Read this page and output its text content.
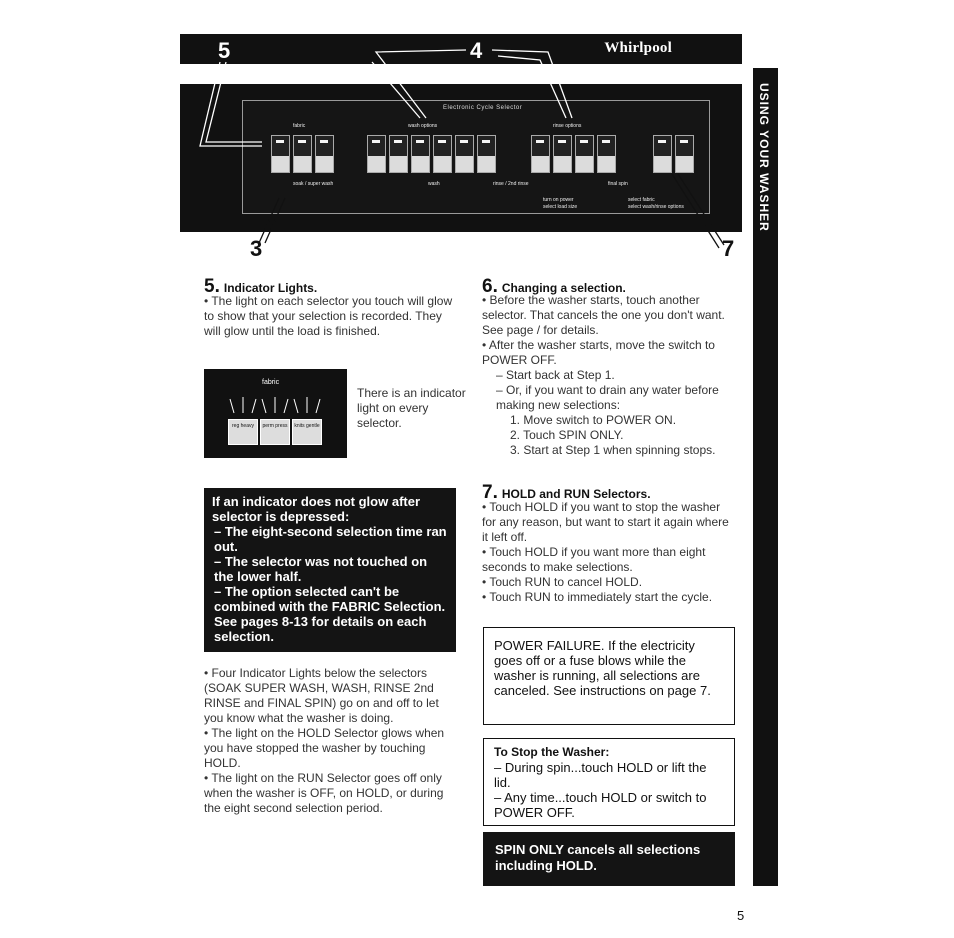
Whirlpool
5	4
Electronic Cycle Selector
fabric	wash options	rinse options
soak / super wash	wash	rinse / 2nd rinse	final spin
turn on power
select load size
select fabric
select wash/rinse options
3	7
USING YOUR WASHER
5. Indicator Lights.
• The light on each selector you touch will glow to show that your selection is recorded. They will glow until the load is finished.
fabric
reg heavy	perm press	knits gentle
There is an indicator light on every selector.
If an indicator does not glow after selector is depressed:
– The eight-second selection time ran out.
– The selector was not touched on the lower half.
– The option selected can't be combined with the FABRIC Selection. See pages 8-13 for details on each selection.
• Four Indicator Lights below the selectors (SOAK SUPER WASH, WASH, RINSE 2nd RINSE and FINAL SPIN) go on and off to let you know what the washer is doing.
• The light on the HOLD Selector glows when you have stopped the washer by touching HOLD.
• The light on the RUN Selector goes off only when the washer is OFF, on HOLD, or during the eight second selection period.
6. Changing a selection.
• Before the washer starts, touch another selector. That cancels the one you don't want. See page / for details.
• After the washer starts, move the switch to POWER OFF.
– Start back at Step 1.
– Or, if you want to drain any water before making new selections:
1. Move switch to POWER ON.
2. Touch SPIN ONLY.
3. Start at Step 1 when spinning stops.
7. HOLD and RUN Selectors.
• Touch HOLD if you want to stop the washer for any reason, but want to start it again where it left off.
• Touch HOLD if you want more than eight seconds to make selections.
• Touch RUN to cancel HOLD.
• Touch RUN to immediately start the cycle.
POWER FAILURE. If the electricity goes off or a fuse blows while the washer is running, all selections are canceled. See instructions on page 7.
To Stop the Washer:
– During spin...touch HOLD or lift the lid.
– Any time...touch HOLD or switch to POWER OFF.
SPIN ONLY cancels all selections including HOLD.
5
